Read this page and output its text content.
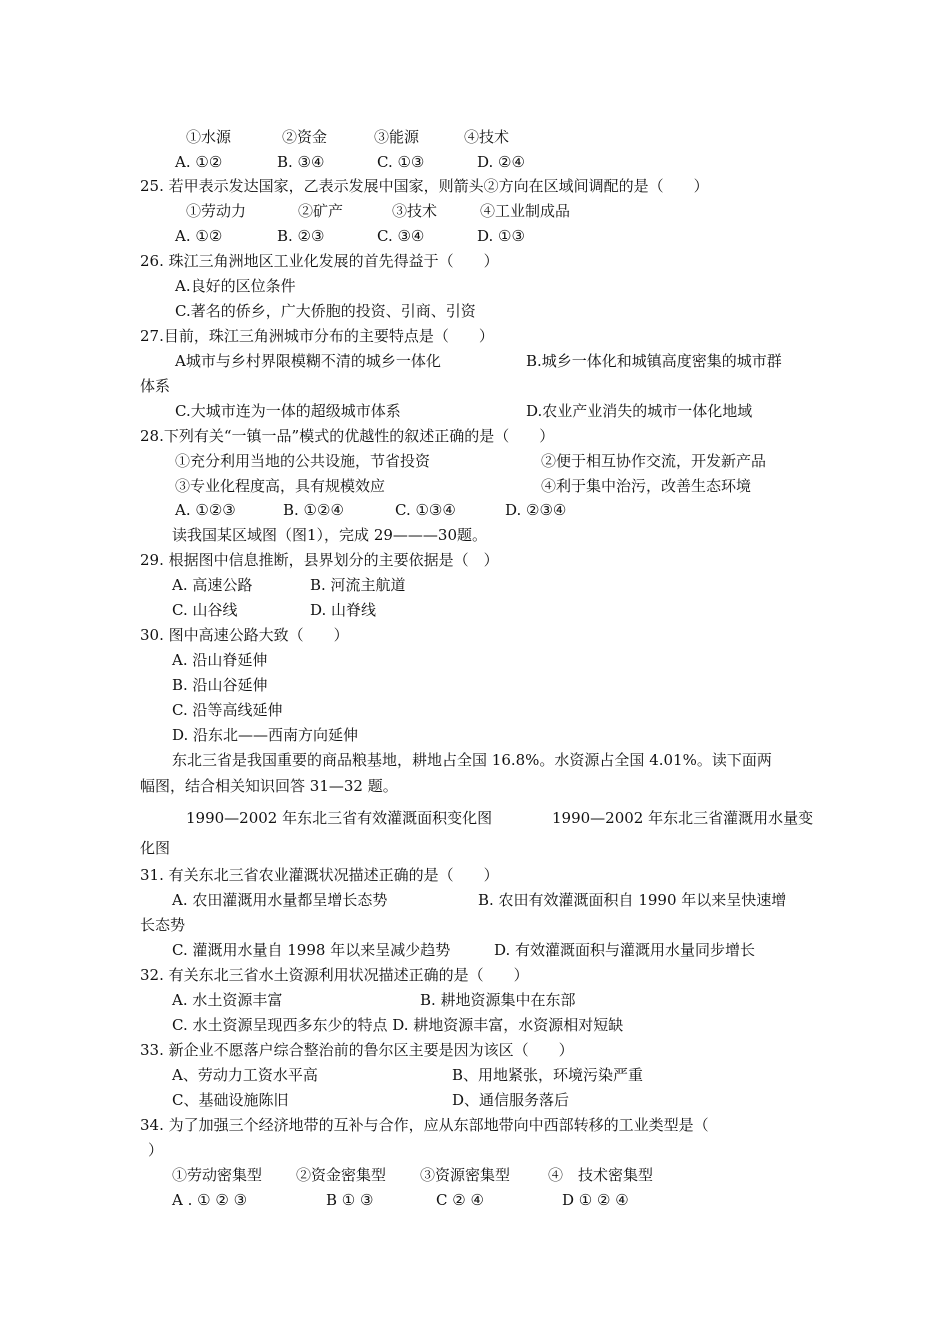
①水源	②资金	③能源	④技术
A. ①②	B. ③④	C. ①③	D. ②④
25. 若甲表示发达国家，乙表示发展中国家，则箭头②方向在区域间调配的是（　　）
①劳动力	②矿产	③技术	④工业制成品
A. ①②	B. ②③	C. ③④	D. ①③
26. 珠江三角洲地区工业化发展的首先得益于（　　）
A.良好的区位条件
C.著名的侨乡，广大侨胞的投资、引商、引资
27.目前，珠江三角洲城市分布的主要特点是（　　）
A城市与乡村界限模糊不清的城乡一体化	B.城乡一体化和城镇高度密集的城市群
体系
C.大城市连为一体的超级城市体系	D.农业产业消失的城市一体化地域
28.下列有关“一镇一品”模式的优越性的叙述正确的是（　　）
①充分利用当地的公共设施，节省投资	②便于相互协作交流，开发新产品
③专业化程度高，具有规模效应	④利于集中治污，改善生态环境
A. ①②③	B. ①②④	C. ①③④	D. ②③④
读我国某区域图（图1），完成 29———30题。
29. 根据图中信息推断，县界划分的主要依据是（　）
A. 高速公路	B. 河流主航道
C. 山谷线	D. 山脊线
30. 图中高速公路大致（　　）
A. 沿山脊延伸
B. 沿山谷延伸
C. 沿等高线延伸
D. 沿东北——西南方向延伸
东北三省是我国重要的商品粮基地，耕地占全国 16.8%。水资源占全国 4.01%。读下面两
幅图，结合相关知识回答 31—32 题。
1990—2002 年东北三省有效灌溉面积变化图	1990—2002 年东北三省灌溉用水量变
化图
31. 有关东北三省农业灌溉状况描述正确的是（　　）
A. 农田灌溉用水量都呈增长态势	B. 农田有效灌溉面积自 1990 年以来呈快速增
长态势
C. 灌溉用水量自 1998 年以来呈减少趋势	D. 有效灌溉面积与灌溉用水量同步增长
32. 有关东北三省水土资源利用状况描述正确的是（　　）
A. 水土资源丰富	B. 耕地资源集中在东部
C. 水土资源呈现西多东少的特点 D. 耕地资源丰富，水资源相对短缺
33. 新企业不愿落户综合整治前的鲁尔区主要是因为该区（　　）
A、劳动力工资水平高	B、用地紧张，环境污染严重
C、基础设施陈旧	D、通信服务落后
34. 为了加强三个经济地带的互补与合作，应从东部地带向中西部转移的工业类型是（
）
①劳动密集型 ②资金密集型 ③资源密集型	④　技术密集型
A . ① ② ③	B ① ③	C ② ④	D ① ② ④
